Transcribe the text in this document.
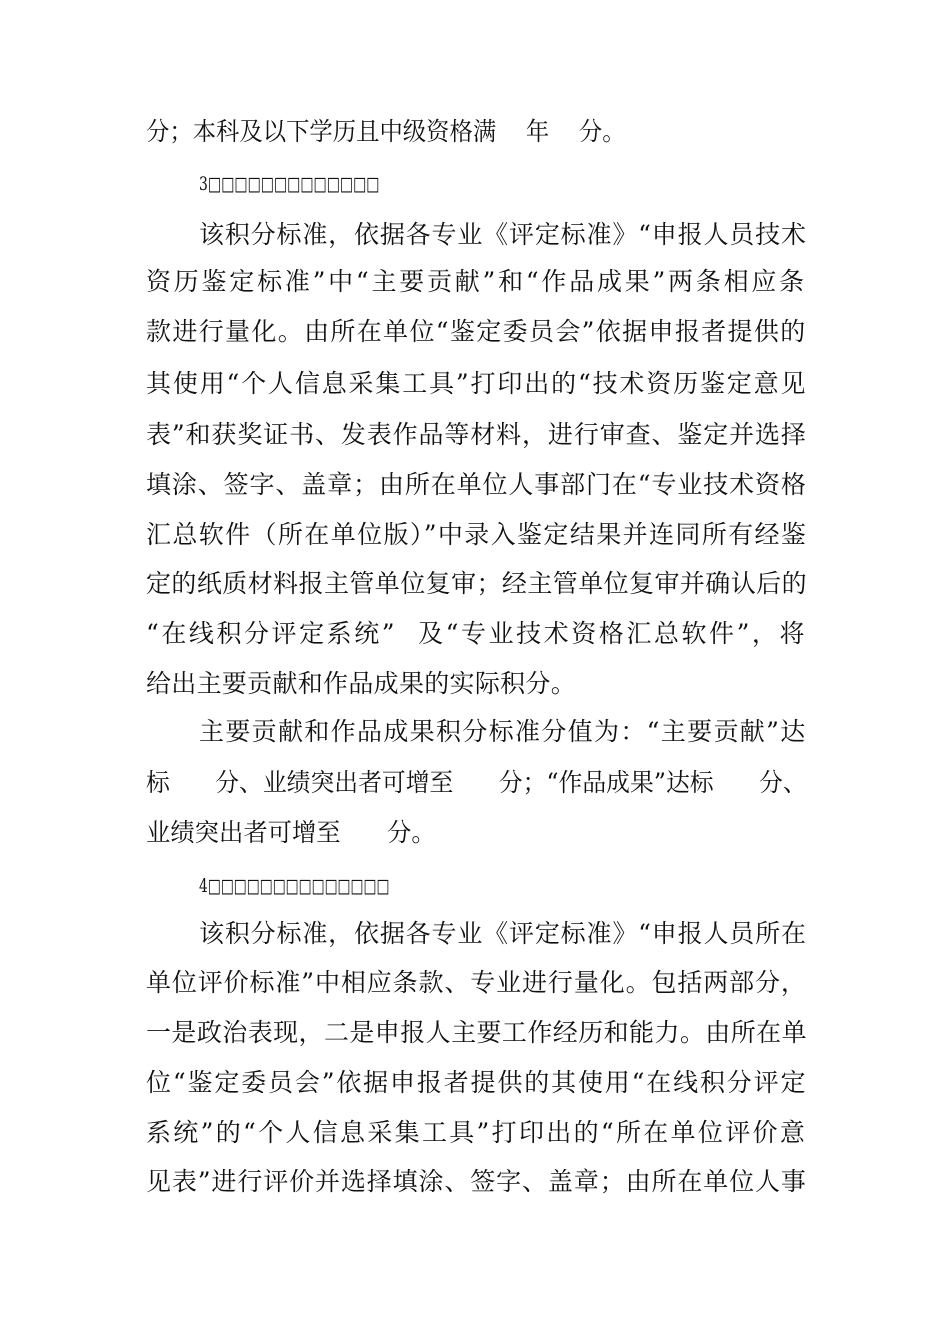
分；本科及以下学历且中级资格满    年    分。
3□□□□□□□□□□□□□
该积分标准，依据各专业《评定标准》“申报人员技术
资历鉴定标准”中“主要贡献”和“作品成果”两条相应条
款进行量化。由所在单位“鉴定委员会”依据申报者提供的
其使用“个人信息采集工具”打印出的“技术资历鉴定意见
表”和获奖证书、发表作品等材料，进行审查、鉴定并选择
填涂、签字、盖章；由所在单位人事部门在“专业技术资格
汇总软件（所在单位版）”中录入鉴定结果并连同所有经鉴
定的纸质材料报主管单位复审；经主管单位复审并确认后的
“在线积分评定系统”  及“专业技术资格汇总软件”，将
给出主要贡献和作品成果的实际积分。
主要贡献和作品成果积分标准分值为：“主要贡献”达
标      分、业绩突出者可增至      分；“作品成果”达标      分、
业绩突出者可增至      分。
4□□□□□□□□□□□□□□
该积分标准，依据各专业《评定标准》“申报人员所在
单位评价标准”中相应条款、专业进行量化。包括两部分，
一是政治表现，二是申报人主要工作经历和能力。由所在单
位“鉴定委员会”依据申报者提供的其使用“在线积分评定
系统”的“个人信息采集工具”打印出的“所在单位评价意
见表”进行评价并选择填涂、签字、盖章；由所在单位人事
